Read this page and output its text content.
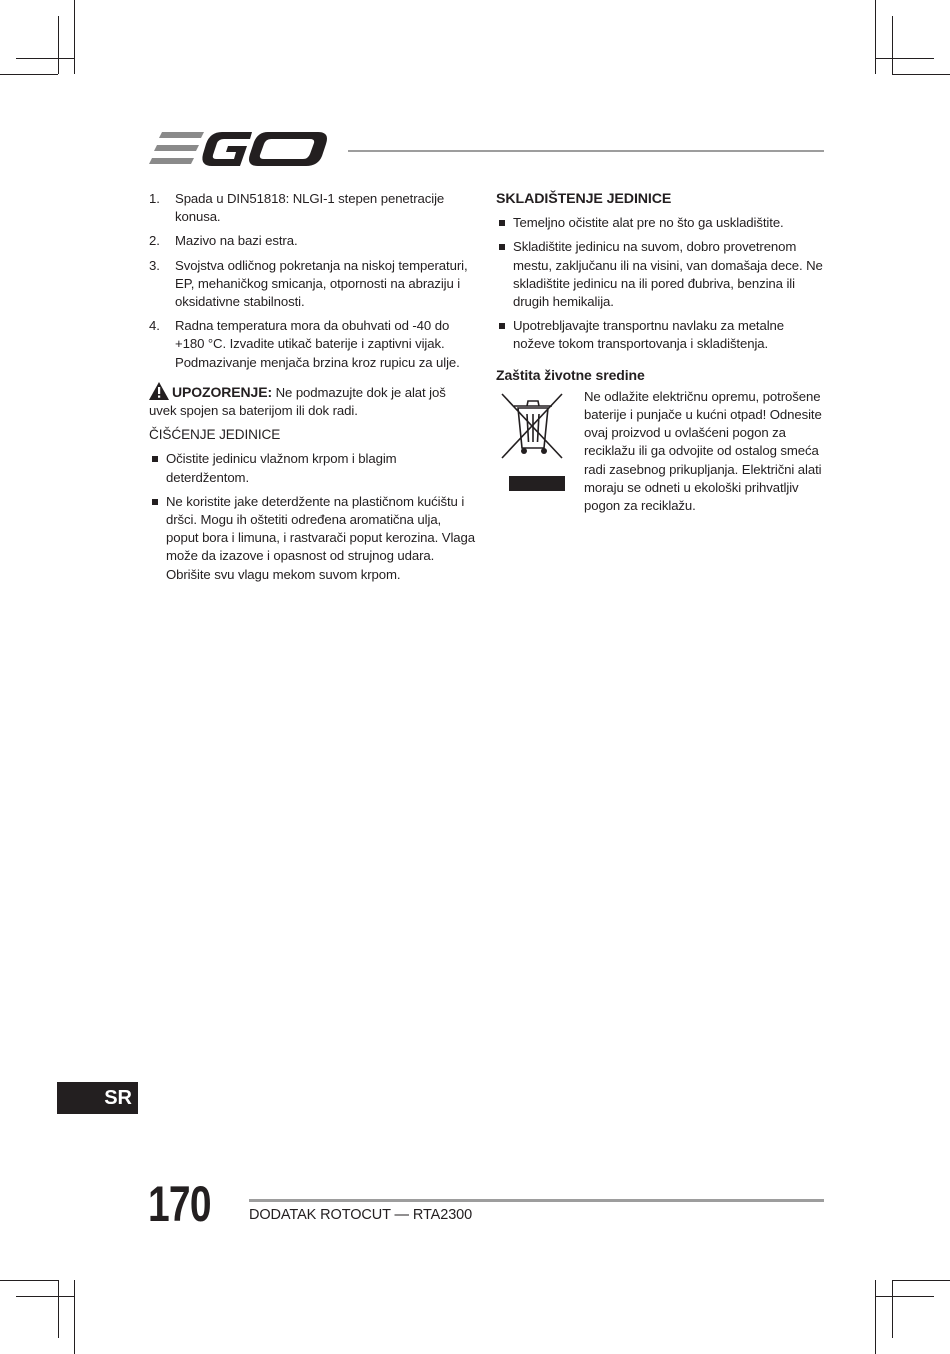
1. Spada u DIN51818: NLGI-1 stepen penetracije konusa.
2. Mazivo na bazi estra.
3. Svojstva odličnog pokretanja na niskoj temperaturi, EP, mehaničkog smicanja, otpornosti na abraziju i oksidativne stabilnosti.
4. Radna temperatura mora da obuhvati od -40 do +180 °C. Izvadite utikač baterije i zaptivni vijak. Podmazivanje menjača brzina kroz rupicu za ulje.
UPOZORENJE: Ne podmazujte dok je alat još uvek spojen sa baterijom ili dok radi.
ČIŠĆENJE JEDINICE
Očistite jedinicu vlažnom krpom i blagim deterdžentom.
Ne koristite jake deterdžente na plastičnom kućištu i dršci. Mogu ih oštetiti određena aromatična ulja, poput bora i limuna, i rastvarači poput kerozina. Vlaga može da izazove i opasnost od strujnog udara. Obrišite svu vlagu mekom suvom krpom.
SKLADIŠTENJE JEDINICE
Temeljno očistite alat pre no što ga uskladištite.
Skladištite jedinicu na suvom, dobro provetrenom mestu, zaključanu ili na visini, van domašaja dece. Ne skladištite jedinicu na ili pored đubriva, benzina ili drugih hemikalija.
Upotrebljavajte transportnu navlaku za metalne noževe tokom transportovanja i skladištenja.
Zaštita životne sredine
Ne odlažite električnu opremu, potrošene baterije i punjače u kućni otpad! Odnesite ovaj proizvod u ovlašćeni pogon za reciklažu ili ga odvojite od ostalog smeća radi zasebnog prikupljanja. Električni alati moraju se odneti u ekološki prihvatljiv pogon za reciklažu.
SR
170	DODATAK ROTOCUT — RTA2300
